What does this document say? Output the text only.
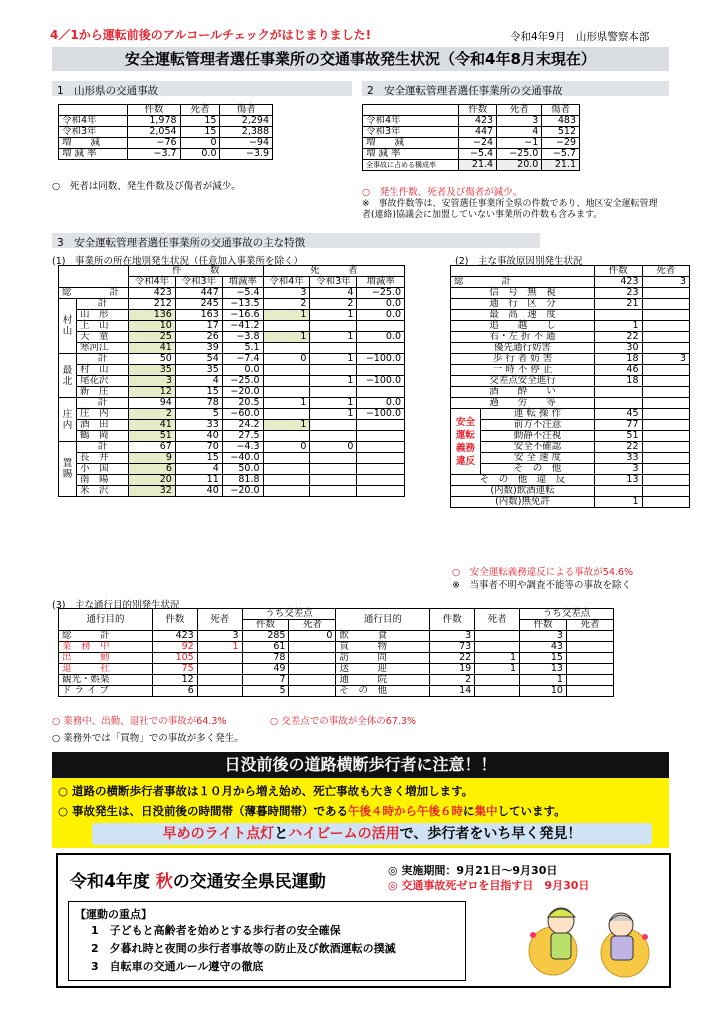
4／1から運転前後のアルコールチェックがはじまりました!	令和4年9月　山形県警察本部
安全運転管理者選任事業所の交通事故発生状況（令和4年8月末現在）
1　山形県の交通事故
	件数	死者	傷者
令和4年	1,978	15	2,294
令和3年	2,054	15	2,388
増　　減	−76	0	−94
増 減 率	−3.7	0.0	−3.9
○　死者は同数、発生件数及び傷者が減少。
2　安全運転管理者選任事業所の交通事故
	件数	死者	傷者
令和4年	423	3	483
令和3年	447	4	512
増　　減	−24	−1	−29
増 減 率	−5.4	−25.0	−5.7
全事故に占める構成率	21.4	20.0	21.1
○　発生件数、死者及び傷者が減少。
※　事故件数等は、安管選任事業所全県の件数であり、地区安全運転管理者(連絡)協議会に加盟していない事業所の件数も含みます。
3　安全運転管理者選任事業所の交通事故の主な特徴
(1)　事業所の所在地別発生状況（任意加入事業所を除く）
		件　　　数			死　　　者		
		令和4年	令和3年	増減率	令和4年	令和3年	増減率
総　　　　計		423	447	−5.4	3	4	−25.0
村山	計	212	245	−13.5	2	2	0.0
	山　形	136	163	−16.6	1	1	0.0
	上　山	10	17	−41.2			
	天　童	25	26	−3.8	1	1	0.0
	寒河江	41	39	5.1			
最北	計	50	54	−7.4	0	1	−100.0
	村　山	35	35	0.0			
	尾花沢	3	4	−25.0		1	−100.0
	新　庄	12	15	−20.0			
庄内	計	94	78	20.5	1	1	0.0
	庄　内	2	5	−60.0		1	−100.0
	酒　田	41	33	24.2	1		
	鶴　岡	51	40	27.5			
置賜	計	67	70	−4.3	0	0	
	長　井	9	15	−40.0			
	小　国	6	4	50.0			
	南　陽	20	11	81.8			
	米　沢	32	40	−20.0			
(2)　主な事故原因別発生状況
		件数	死者
総　　　　計		423	3
信　号　無　視		23	
通　行　区　分		21	
最　高　速　度			
追　　越　　し		1	
右・左 折 不 通		22	
優先通行妨害		30	
歩 行 者 妨 害		18	3
一 時 不 停 止		46	
交差点安全進行		18	
酒　　酔　　い			
過　　労　　等			
安全運転義務違反	運 転 操 作	45	
	前方不注意	77	
	動静不注視	51	
	安全不確認	22	
	安 全 速 度	33	
	そ　の　他	3	
そ　の　他　違　反		13	
(内数)飲酒運転			
(内数)無免許		1	
○　安全運転義務違反による事故が54.6%
※　当事者不明や調査不能等の事故を除く
(3)　主な通行目的別発生状況
通行目的	件数	死者	うち交差点		通行目的	件数	死者	うち交差点	
			件数	死者				件数	死者
総　　　計	423	3	285	0	飲　　　食	3		3	
業　務　中	92	1	61		買　　　物	73		43	
出　　　勤	105		78		訪　　　問	22	1	15	
退　　　社	75		49		送　　　迎	19	1	13	
観光・娯楽	12		7		通　　　院	2		1	
ド ラ イ ブ	6		5		そ　の　他	14		10	
○ 業務中、出勤、退社での事故が64.3%	○ 交差点での事故が全体の67.3%
○ 業務外では「買物」での事故が多く発生。
日没前後の道路横断歩行者に注意！！
○ 道路の横断歩行者事故は１０月から増え始め、死亡事故も大きく増加します。
○ 事故発生は、日没前後の時間帯（薄暮時間帯）である午後４時から午後６時に集中しています。
早めのライト点灯とハイビームの活用で、歩行者をいち早く発見！
令和4年度 秋の交通安全県民運動
◎ 実施期間：9月21日～9月30日
◎ 交通事故死ゼロを目指す日　9月30日
【運動の重点】
1　子どもと高齢者を始めとする歩行者の安全確保
2　夕暮れ時と夜間の歩行者事故等の防止及び飲酒運転の撲滅
3　自転車の交通ルール遵守の徹底
